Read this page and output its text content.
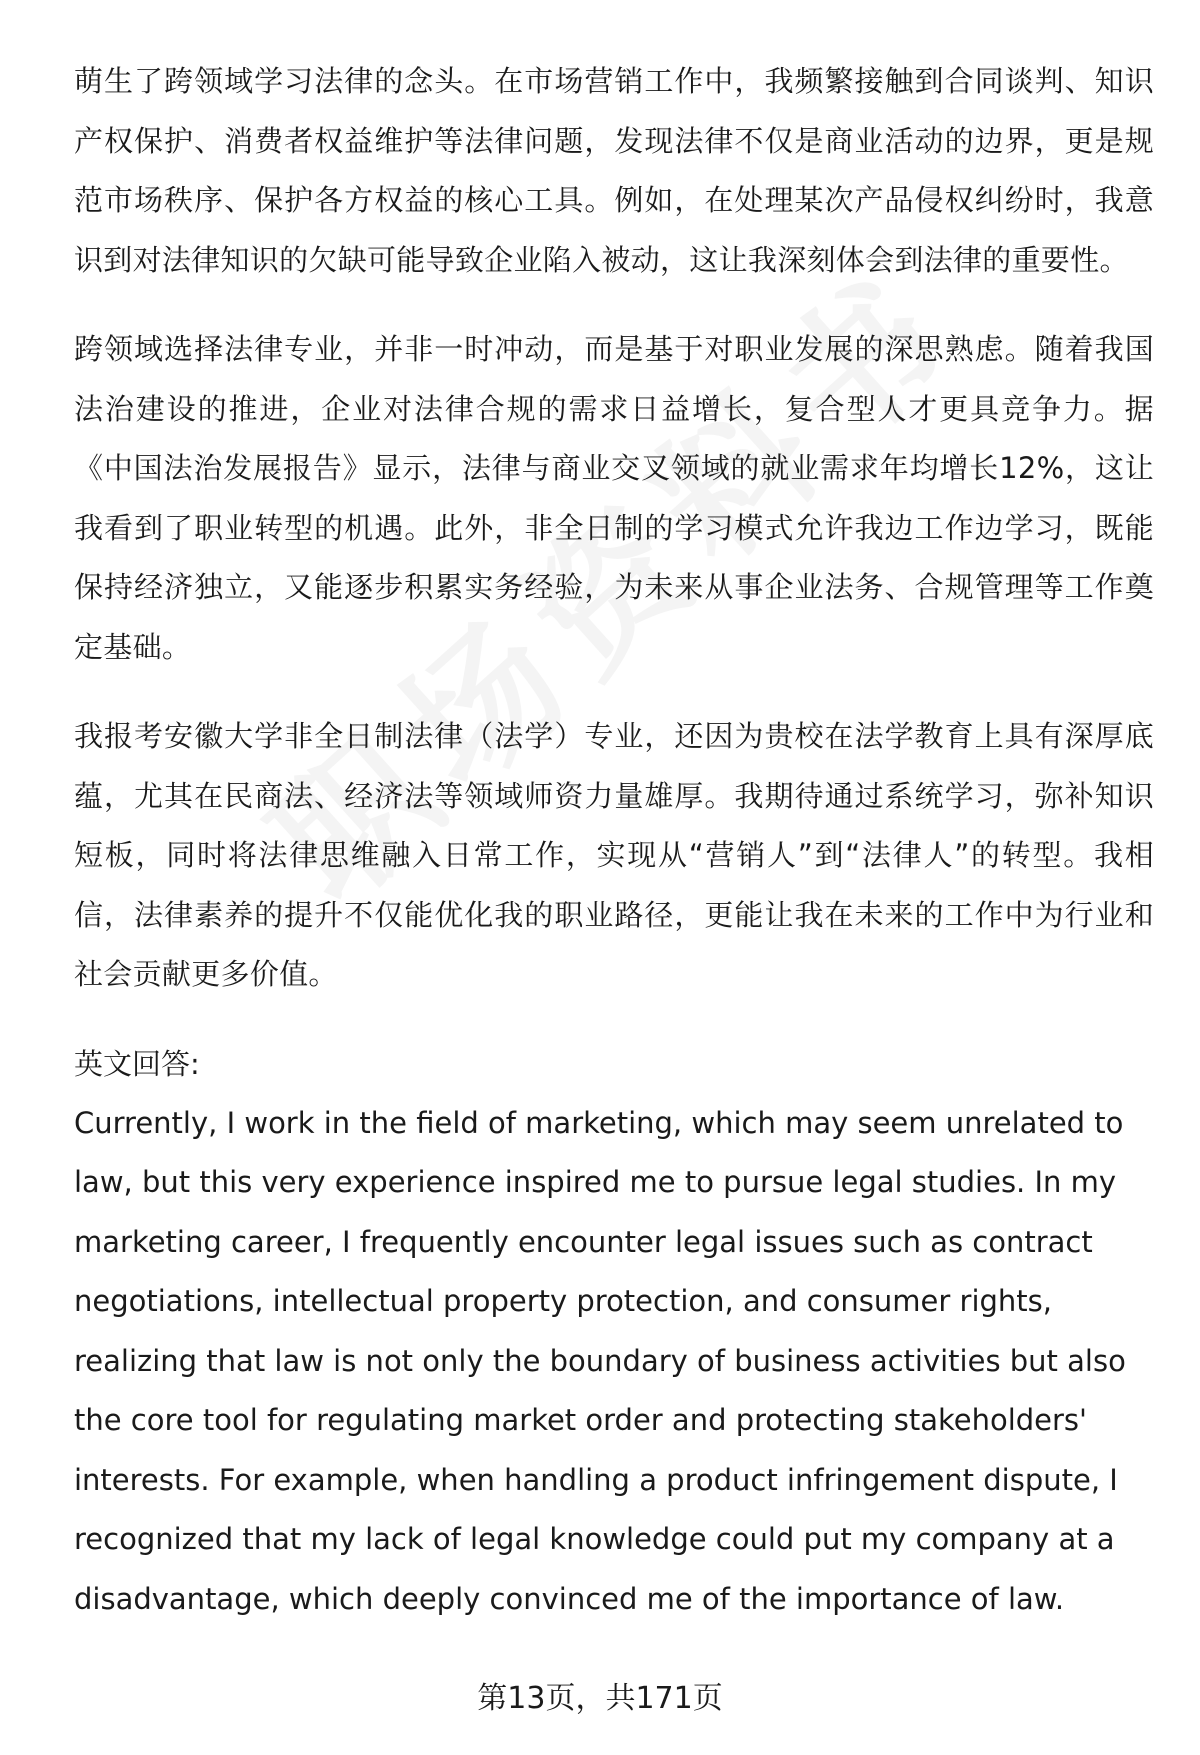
萌生了跨领域学习法律的念头。在市场营销工作中，我频繁接触到合同谈判、知识产权保护、消费者权益维护等法律问题，发现法律不仅是商业活动的边界，更是规范市场秩序、保护各方权益的核心工具。例如，在处理某次产品侵权纠纷时，我意识到对法律知识的欠缺可能导致企业陷入被动，这让我深刻体会到法律的重要性。

跨领域选择法律专业，并非一时冲动，而是基于对职业发展的深思熟虑。随着我国法治建设的推进，企业对法律合规的需求日益增长，复合型人才更具竞争力。据《中国法治发展报告》显示，法律与商业交叉领域的就业需求年均增长12%，这让我看到了职业转型的机遇。此外，非全日制的学习模式允许我边工作边学习，既能保持经济独立，又能逐步积累实务经验，为未来从事企业法务、合规管理等工作奠定基础。

我报考安徽大学非全日制法律（法学）专业，还因为贵校在法学教育上具有深厚底蕴，尤其在民商法、经济法等领域师资力量雄厚。我期待通过系统学习，弥补知识短板，同时将法律思维融入日常工作，实现从“营销人”到“法律人”的转型。我相信，法律素养的提升不仅能优化我的职业路径，更能让我在未来的工作中为行业和社会贡献更多价值。

英文回答:

Currently, I work in the field of marketing, which may seem unrelated to law, but this very experience inspired me to pursue legal studies. In my marketing career, I frequently encounter legal issues such as contract negotiations, intellectual property protection, and consumer rights, realizing that law is not only the boundary of business activities but also the core tool for regulating market order and protecting stakeholders' interests. For example, when handling a product infringement dispute, I recognized that my lack of legal knowledge could put my company at a disadvantage, which deeply convinced me of the importance of law.

第13页，共171页
